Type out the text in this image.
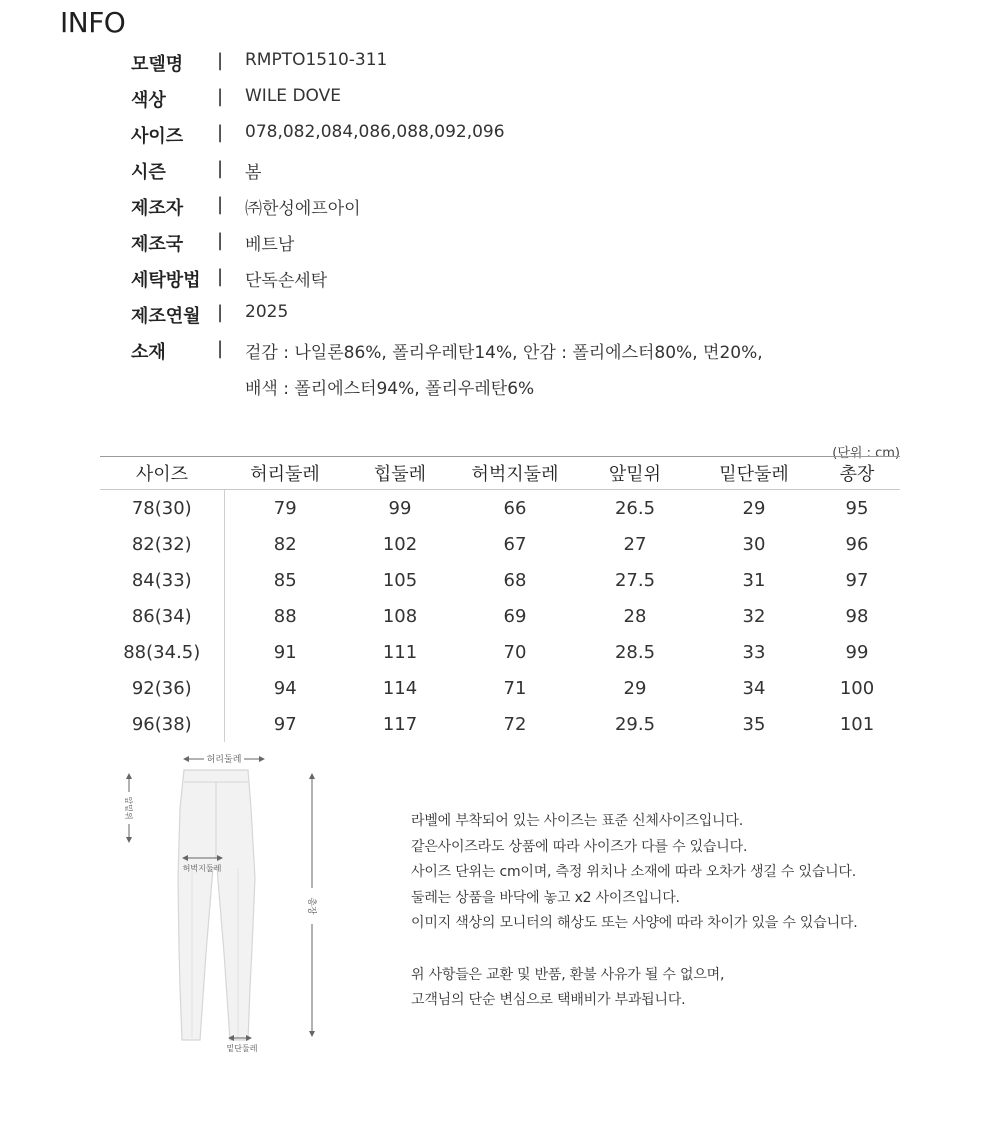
INFO
모델명 | RMPTO1510-311
색상	| WILE DOVE
사이즈 | 078,082,084,086,088,092,096
시즌	| 봄
제조자 | ㈜한성에프아이
제조국 | 베트남
세탁방법 | 단독손세탁
제조연월 | 2025
소재	| 겉감 : 나일론86%, 폴리우레탄14%, 안감 : 폴리에스터80%, 면20%,
배색 : 폴리에스터94%, 폴리우레탄6%
(단위 : cm)
사이즈	허리둘레	힙둘레	허벅지둘레	앞밑위	밑단둘레	총장
78(30)	79	99	66	26.5	29	95
82(32)	82	102	67	27	30	96
84(33)	85	105	68	27.5	31	97
86(34)	88	108	69	28	32	98
88(34.5)	91	111	70	28.5	33	99
92(36)	94	114	71	29	34	100
96(38)	97	117	72	29.5	35	101
허리둘레
앞밑위
허벅지둘레
총장
밑단둘레
라벨에 부착되어 있는 사이즈는 표준 신체사이즈입니다.
같은사이즈라도 상품에 따라 사이즈가 다를 수 있습니다.
사이즈 단위는 cm이며, 측정 위치나 소재에 따라 오차가 생길 수 있습니다.
둘레는 상품을 바닥에 놓고 x2 사이즈입니다.
이미지 색상의 모니터의 해상도 또는 사양에 따라 차이가 있을 수 있습니다.
위 사항들은 교환 및 반품, 환불 사유가 될 수 없으며,
고객님의 단순 변심으로 택배비가 부과됩니다.
